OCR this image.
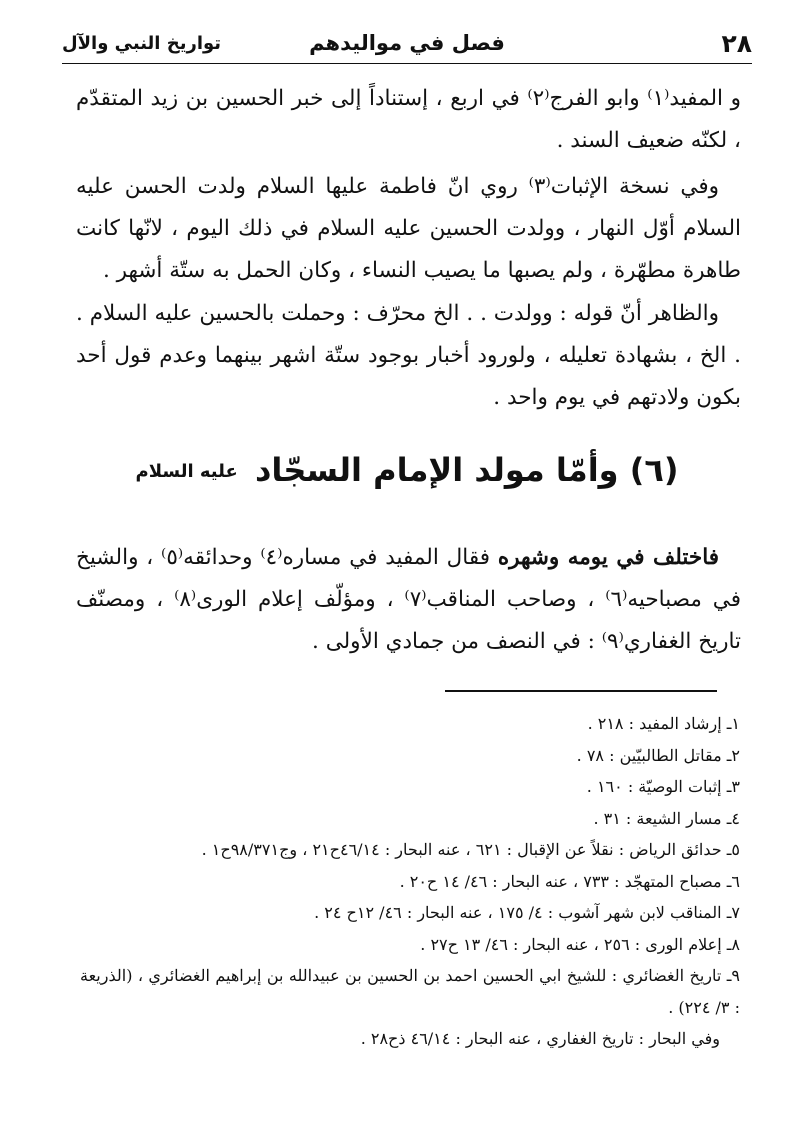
٢٨
فصل في مواليدهم
تواريخ النبي والآل
و المفيد⁽١⁾ وابو الفرج⁽٢⁾ في اربع ، إستناداً إلى خبر الحسين بن زيد المتقدّم ، لكنّه ضعيف السند .
وفي نسخة الإثبات⁽٣⁾ روي انّ فاطمة عليها السلام ولدت الحسن عليه السلام أوّل النهار ، وولدت الحسين عليه السلام في ذلك اليوم ، لانّها كانت طاهرة مطهّرة ، ولم يصبها ما يصيب النساء ، وكان الحمل به ستّة أشهر .
والظاهر أنّ قوله : وولدت . . الخ محرّف : وحملت بالحسين عليه السلام . . الخ ، بشهادة تعليله ، ولورود أخبار بوجود ستّة اشهر بينهما وعدم قول أحد بكون ولادتهم في يوم واحد .
(٦) وأمّا مولد الإمام السجّاد عليه السلام
فاختلف في يومه وشهره فقال المفيد في مساره⁽٤⁾ وحدائقه⁽٥⁾ ، والشيخ في مصباحيه⁽٦⁾ ، وصاحب المناقب⁽٧⁾ ، ومؤلّف إعلام الورى⁽٨⁾ ، ومصنّف تاريخ الغفاري⁽٩⁾ : في النصف من جمادي الأولى .
١ـ إرشاد المفيد : ٢١٨ .
٢ـ مقاتل الطالبيّين : ٧٨ .
٣ـ إثبات الوصيّة : ١٦٠ .
٤ـ مسار الشيعة : ٣١ .
٥ـ حدائق الرياض : نقلاً عن الإقبال : ٦٢١ ، عنه البحار : ٤٦/١٤ح٢١ ، وج٩٨/٣٧١ح١ .
٦ـ مصباح المتهجّد : ٧٣٣ ، عنه البحار : ٤٦/ ١٤ ح٢٠ .
٧ـ المناقب لابن شهر آشوب : ٤/ ١٧٥ ، عنه البحار : ٤٦/ ١٢ح ٢٤ .
٨ـ إعلام الورى : ٢٥٦ ، عنه البحار : ٤٦/ ١٣ ح٢٧ .
٩ـ تاريخ الغضائري : للشيخ ابي الحسين احمد بن الحسين بن عبيدالله بن إبراهيم الغضائري ، (الذريعة : ٣/ ٢٢٤) .
وفي البحار : تاريخ الغفاري ، عنه البحار : ٤٦/١٤ ذح٢٨ .
